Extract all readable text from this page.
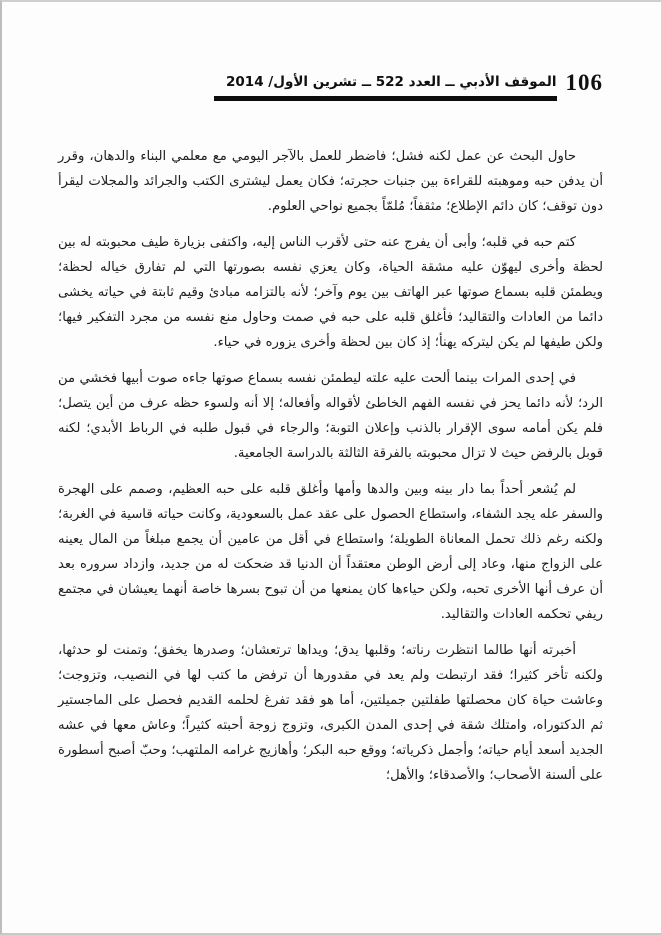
106
الموقف الأدبي ــ العدد 522 ــ تشرين الأول/ 2014

حاول البحث عن عمل لكنه فشل؛ فاضطر للعمل بالآجر اليومي مع معلمي البناء والدهان، وقرر أن يدفن حبه وموهبته للقراءة بين جنبات حجرته؛ فكان يعمل ليشترى الكتب والجرائد والمجلات ليقرأ دون توقف؛ كان دائم الإطلاع؛ مثقفاً؛ مُلمّاً بجميع نواحي العلوم.

كتم حبه في قلبه؛ وأبى أن يفرج عنه حتى لأقرب الناس إليه، واكتفى بزيارة طيف محبوبته له بين لحظة وأخرى ليهوّن عليه مشقة الحياة، وكان يعزي نفسه بصورتها التي لم تفارق خياله لحظة؛ ويطمئن قلبه بسماع صوتها عبر الهاتف بين يوم وآخر؛ لأنه بالتزامه مبادئ وقيم ثابتة في حياته يخشى دائما من العادات والتقاليد؛ فأغلق قلبه على حبه في صمت وحاول منع نفسه من مجرد التفكير فيها؛ ولكن طيفها لم يكن ليتركه يهنأ؛ إذ كان بين لحظة وأخرى يزوره في حياء.

في إحدى المرات بينما ألحت عليه علته ليطمئن نفسه بسماع صوتها جاءه صوت أبيها فخشي من الرد؛ لأنه دائما يحز في نفسه الفهم الخاطئ لأقواله وأفعاله؛ إلا أنه ولسوء حظه عرف من أين يتصل؛ فلم يكن أمامه سوى الإقرار بالذنب وإعلان التوبة؛ والرجاء في قبول طلبه في الرباط الأبدي؛ لكنه قوبل بالرفض حيث لا تزال محبوبته بالفرقة الثالثة بالدراسة الجامعية.

لم يُشعر أحداً بما دار بينه وبين والدها وأمها وأغلق قلبه على حبه العظيم، وصمم على الهجرة والسفر عله يجد الشفاء، واستطاع الحصول على عقد عمل بالسعودية، وكانت حياته قاسية في الغربة؛ ولكنه رغم ذلك تحمل المعاناة الطويلة؛ واستطاع في أقل من عامين أن يجمع مبلغاً من المال يعينه على الزواج منها، وعاد إلى أرض الوطن معتقداً أن الدنيا قد ضحكت له من جديد، وازداد سروره بعد أن عرف أنها الأخرى تحبه، ولكن حياءها كان يمنعها من أن تبوح بسرها خاصة أنهما يعيشان في مجتمع ريفي تحكمه العادات والتقاليد.

أخبرته أنها طالما انتظرت رناته؛ وقلبها يدق؛ ويداها ترتعشان؛ وصدرها يخفق؛ وتمنت لو حدثها، ولكنه تأخر كثيرا؛ فقد ارتبطت ولم يعد في مقدورها أن ترفض ما كتب لها في النصيب، وتزوجت؛ وعاشت حياة كان محصلتها طفلتين جميلتين، أما هو فقد تفرغ لحلمه القديم فحصل على الماجستير ثم الدكتوراه، وامتلك شقة في إحدى المدن الكبرى، وتزوج زوجة أحبته كثيراً؛ وعاش معها في عشه الجديد أسعد أيام حياته؛ وأجمل ذكرياته؛ ووقع حبه البكر؛ وأهازيج غرامه الملتهب؛ وحبّ أصبح أسطورة على ألسنة الأصحاب؛ والأصدقاء؛ والأهل؛
